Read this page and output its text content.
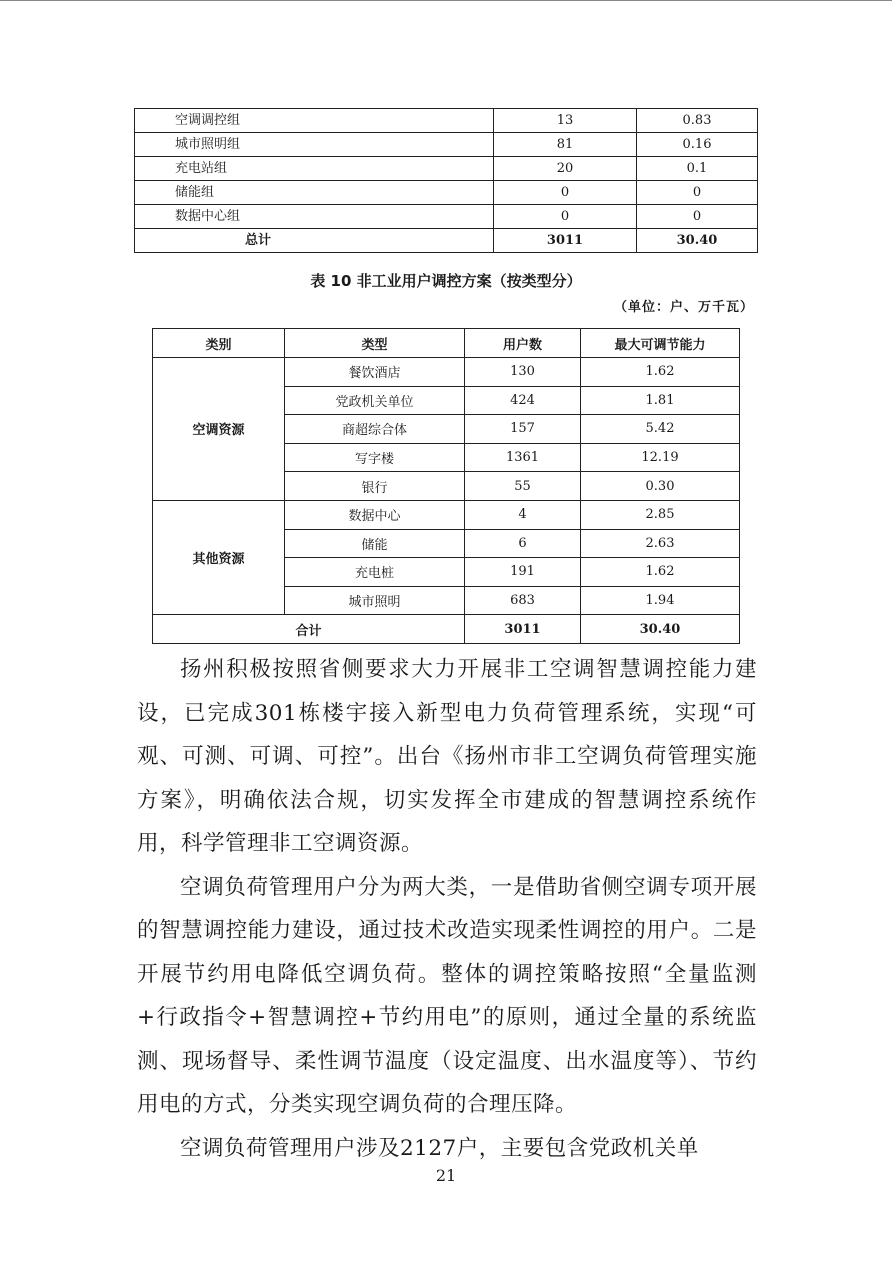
空调调控组	13	0.83
城市照明组	81	0.16
充电站组	20	0.1
储能组	0	0
数据中心组	0	0
总计	3011	30.40
表 10 非工业用户调控方案（按类型分）
（单位：户、万千瓦）
类别	类型	用户数	最大可调节能力
空调资源	餐饮酒店	130	1.62
	党政机关单位	424	1.81
	商超综合体	157	5.42
	写字楼	1361	12.19
	银行	55	0.30
其他资源	数据中心	4	2.85
	储能	6	2.63
	充电桩	191	1.62
	城市照明	683	1.94
合计		3011	30.40

扬州积极按照省侧要求大力开展非工空调智慧调控能力建设，已完成301栋楼宇接入新型电力负荷管理系统，实现“可观、可测、可调、可控”。出台《扬州市非工空调负荷管理实施方案》，明确依法合规，切实发挥全市建成的智慧调控系统作用，科学管理非工空调资源。

空调负荷管理用户分为两大类，一是借助省侧空调专项开展的智慧调控能力建设，通过技术改造实现柔性调控的用户。二是开展节约用电降低空调负荷。整体的调控策略按照“全量监测+行政指令+智慧调控+节约用电”的原则，通过全量的系统监测、现场督导、柔性调节温度（设定温度、出水温度等）、节约用电的方式，分类实现空调负荷的合理压降。

空调负荷管理用户涉及2127户，主要包含党政机关单

21
